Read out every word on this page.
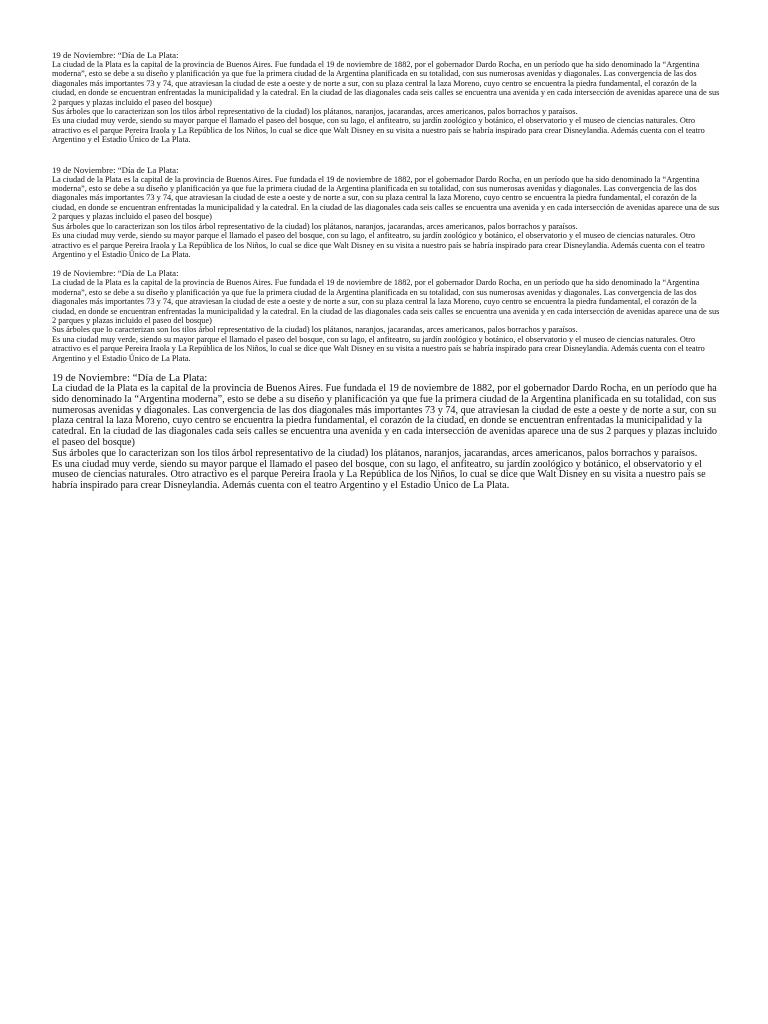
19 de Noviembre: “Día de La Plata:

La ciudad de la Plata es la capital de la provincia de Buenos Aires. Fue fundada el 19 de noviembre de 1882, por el gobernador Dardo Rocha, en un período que ha sido denominado la “Argentina moderna”, esto se debe a su diseño y planificación ya que fue la primera ciudad de la Argentina planificada en su totalidad, con sus numerosas avenidas y diagonales. Las convergencia de las dos diagonales más importantes 73 y 74, que atraviesan la ciudad de este a oeste y de norte a sur, con su plaza central la laza Moreno, cuyo centro se encuentra la piedra fundamental, el corazón de la ciudad, en donde se encuentran enfrentadas la municipalidad y la catedral. En la ciudad de las diagonales cada seis calles se encuentra una avenida y en cada intersección de avenidas aparece una de sus 2 parques y plazas incluido el paseo del bosque)

Sus árboles que lo caracterizan son los tilos árbol representativo de la ciudad) los plátanos, naranjos, jacarandas, arces americanos, palos borrachos y paraísos.

Es una ciudad muy verde, siendo su mayor parque el llamado el paseo del bosque, con su lago, el anfiteatro, su jardín zoológico y botánico, el observatorio y el museo de ciencias naturales. Otro atractivo es el parque Pereira Iraola y La República de los Niños, lo cual se dice que Walt Disney en su visita a nuestro país se habría inspirado para crear Disneylandia. Además cuenta con el teatro Argentino y el Estadio Único de La Plata.

19 de Noviembre: “Día de La Plata:

La ciudad de la Plata es la capital de la provincia de Buenos Aires. Fue fundada el 19 de noviembre de 1882, por el gobernador Dardo Rocha, en un período que ha sido denominado la “Argentina moderna”, esto se debe a su diseño y planificación ya que fue la primera ciudad de la Argentina planificada en su totalidad, con sus numerosas avenidas y diagonales. Las convergencia de las dos diagonales más importantes 73 y 74, que atraviesan la ciudad de este a oeste y de norte a sur, con su plaza central la laza Moreno, cuyo centro se encuentra la piedra fundamental, el corazón de la ciudad, en donde se encuentran enfrentadas la municipalidad y la catedral. En la ciudad de las diagonales cada seis calles se encuentra una avenida y en cada intersección de avenidas aparece una de sus 2 parques y plazas incluido el paseo del bosque)

Sus árboles que lo caracterizan son los tilos árbol representativo de la ciudad) los plátanos, naranjos, jacarandas, arces americanos, palos borrachos y paraísos.

Es una ciudad muy verde, siendo su mayor parque el llamado el paseo del bosque, con su lago, el anfiteatro, su jardín zoológico y botánico, el observatorio y el museo de ciencias naturales. Otro atractivo es el parque Pereira Iraola y La República de los Niños, lo cual se dice que Walt Disney en su visita a nuestro país se habría inspirado para crear Disneylandia. Además cuenta con el teatro Argentino y el Estadio Único de La Plata.

19 de Noviembre: “Día de La Plata:

La ciudad de la Plata es la capital de la provincia de Buenos Aires. Fue fundada el 19 de noviembre de 1882, por el gobernador Dardo Rocha, en un período que ha sido denominado la “Argentina moderna”, esto se debe a su diseño y planificación ya que fue la primera ciudad de la Argentina planificada en su totalidad, con sus numerosas avenidas y diagonales. Las convergencia de las dos diagonales más importantes 73 y 74, que atraviesan la ciudad de este a oeste y de norte a sur, con su plaza central la laza Moreno, cuyo centro se encuentra la piedra fundamental, el corazón de la ciudad, en donde se encuentran enfrentadas la municipalidad y la catedral. En la ciudad de las diagonales cada seis calles se encuentra una avenida y en cada intersección de avenidas aparece una de sus 2 parques y plazas incluido el paseo del bosque)

Sus árboles que lo caracterizan son los tilos árbol representativo de la ciudad) los plátanos, naranjos, jacarandas, arces americanos, palos borrachos y paraísos.

Es una ciudad muy verde, siendo su mayor parque el llamado el paseo del bosque, con su lago, el anfiteatro, su jardín zoológico y botánico, el observatorio y el museo de ciencias naturales. Otro atractivo es el parque Pereira Iraola y La República de los Niños, lo cual se dice que Walt Disney en su visita a nuestro país se habría inspirado para crear Disneylandia. Además cuenta con el teatro Argentino y el Estadio Único de La Plata.

19 de Noviembre: “Día de La Plata:

La ciudad de la Plata es la capital de la provincia de Buenos Aires. Fue fundada el 19 de noviembre de 1882, por el gobernador Dardo Rocha, en un período que ha sido denominado la “Argentina moderna”, esto se debe a su diseño y planificación ya que fue la primera ciudad de la Argentina planificada en su totalidad, con sus numerosas avenidas y diagonales. Las convergencia de las dos diagonales más importantes 73 y 74, que atraviesan la ciudad de este a oeste y de norte a sur, con su plaza central la laza Moreno, cuyo centro se encuentra la piedra fundamental, el corazón de la ciudad, en donde se encuentran enfrentadas la municipalidad y la catedral. En la ciudad de las diagonales cada seis calles se encuentra una avenida y en cada intersección de avenidas aparece una de sus 2 parques y plazas incluido el paseo del bosque)

Sus árboles que lo caracterizan son los tilos árbol representativo de la ciudad) los plátanos, naranjos, jacarandas, arces americanos, palos borrachos y paraísos.

Es una ciudad muy verde, siendo su mayor parque el llamado el paseo del bosque, con su lago, el anfiteatro, su jardín zoológico y botánico, el observatorio y el museo de ciencias naturales. Otro atractivo es el parque Pereira Iraola y La República de los Niños, lo cual se dice que Walt Disney en su visita a nuestro país se habría inspirado para crear Disneylandia. Además cuenta con el teatro Argentino y el Estadio Único de La Plata.
